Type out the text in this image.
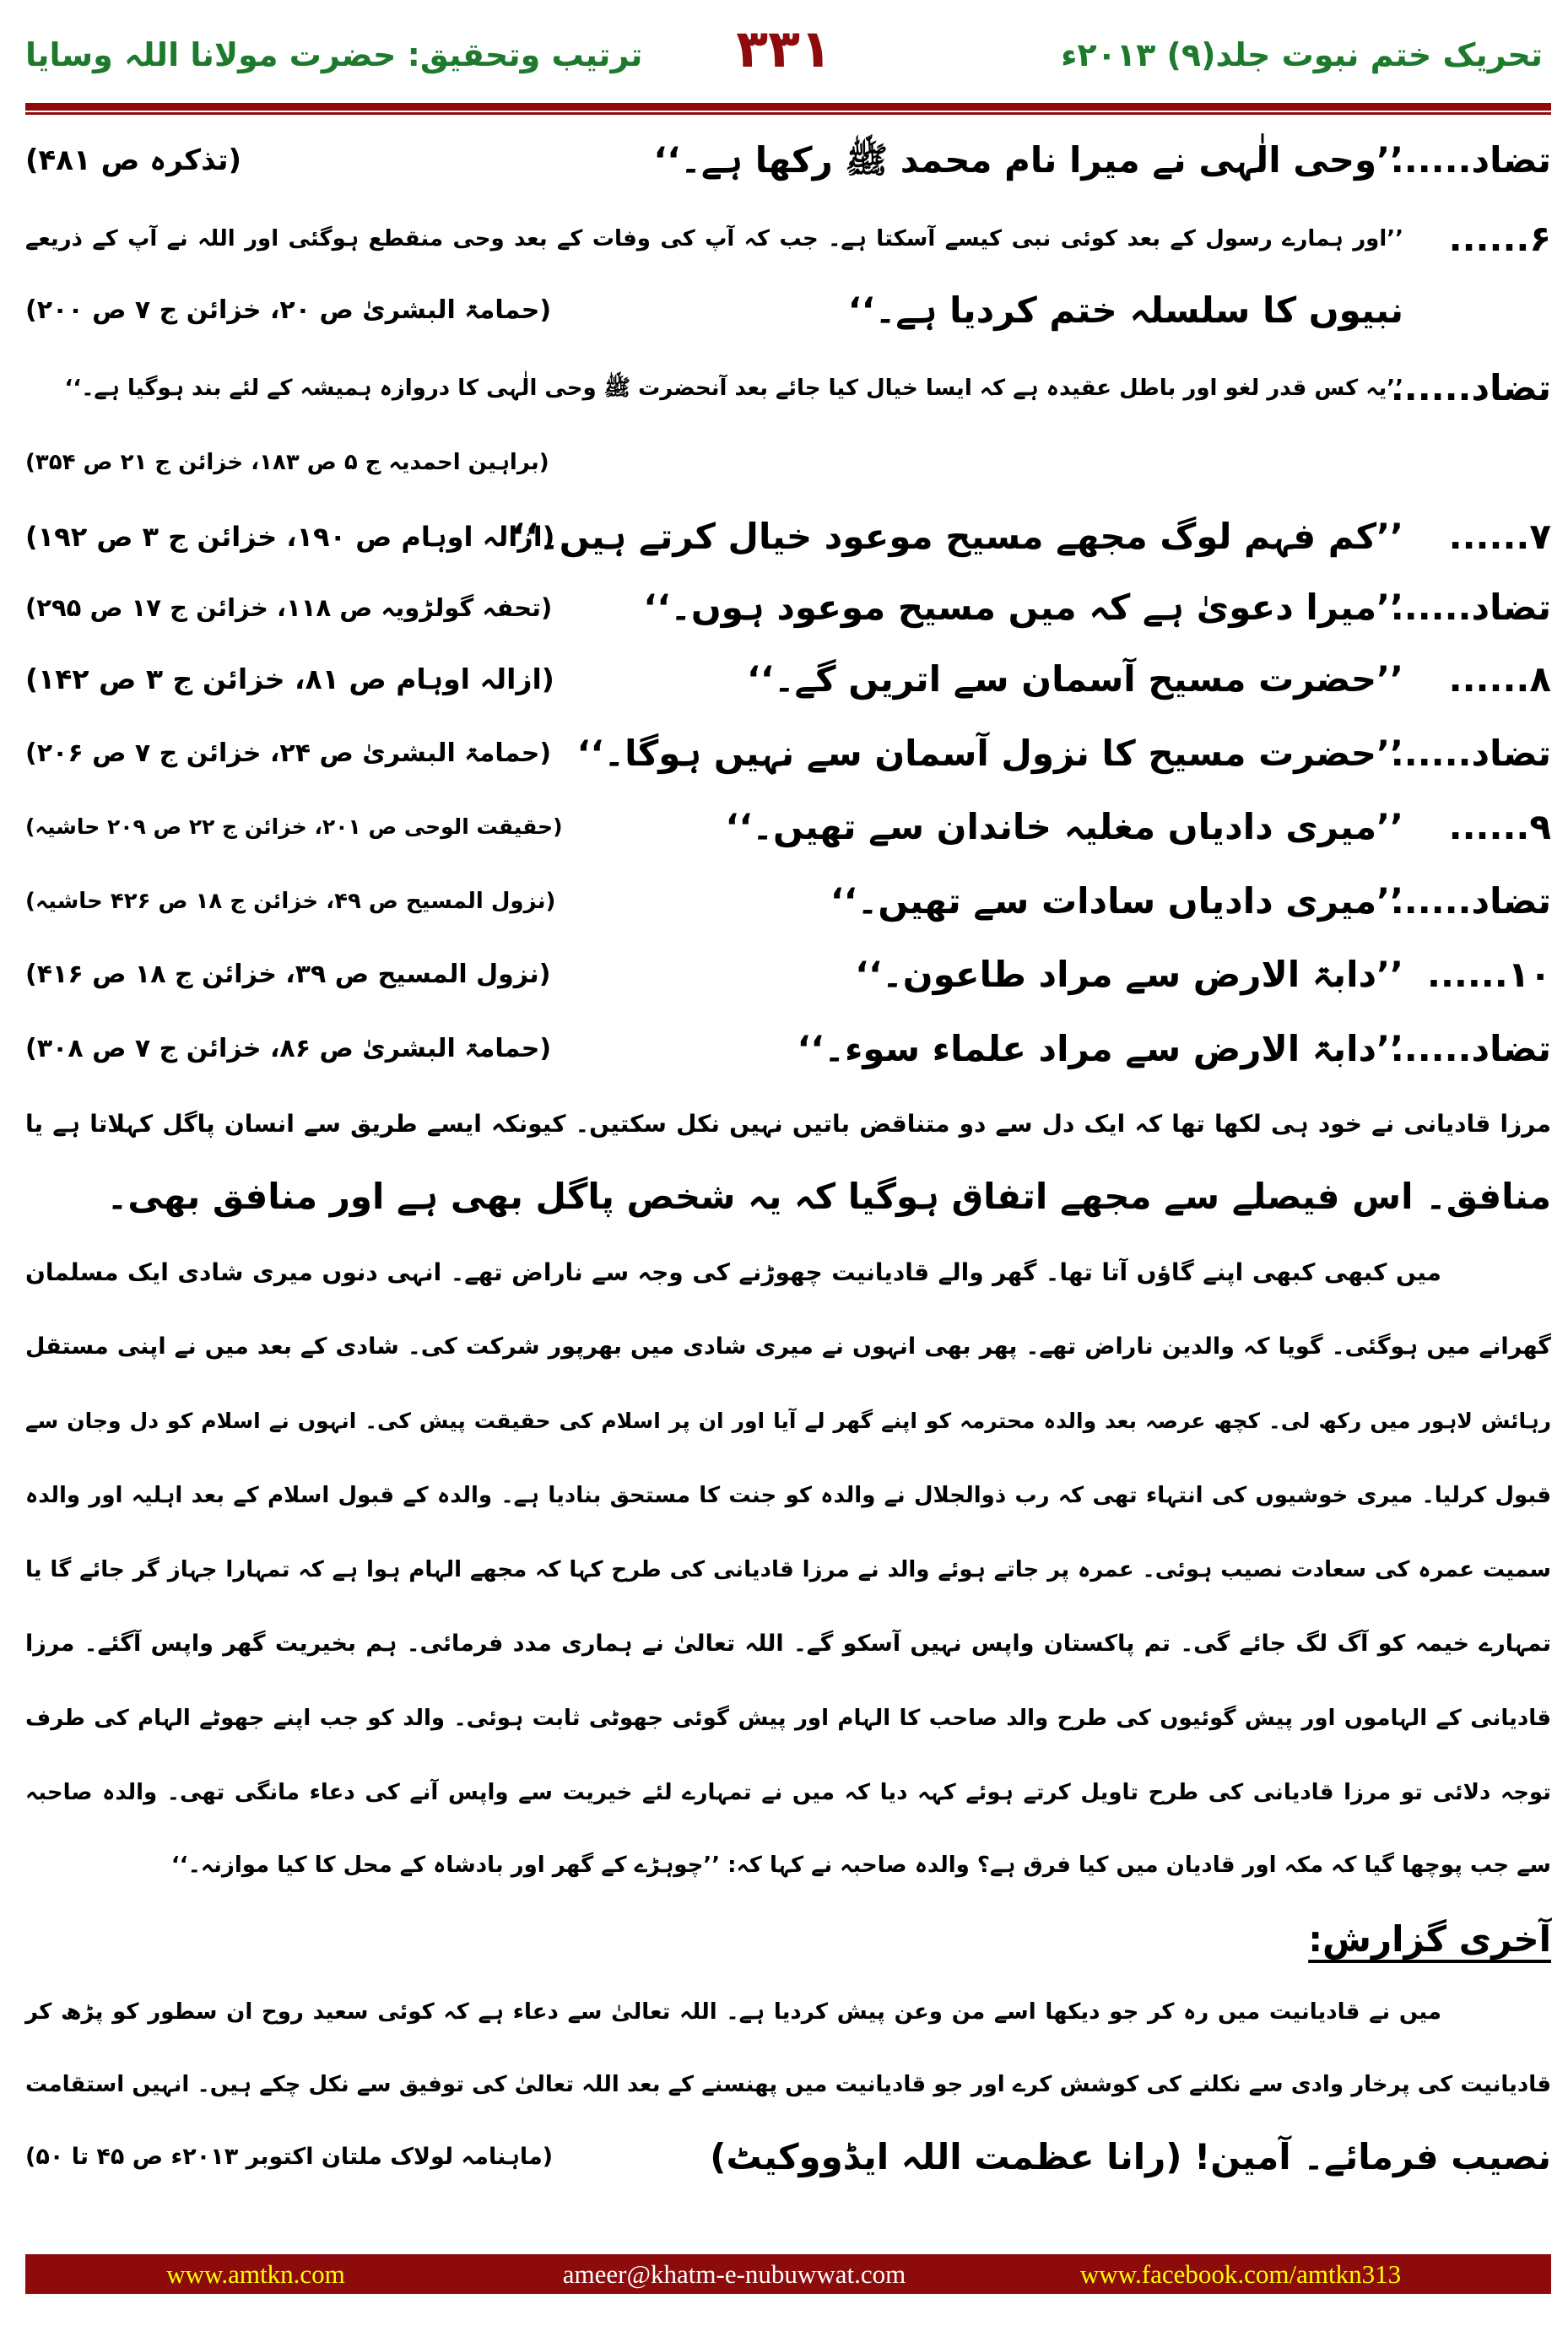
ترتیب وتحقیق: حضرت مولانا اللہ وسایا	۳۳۱	تحریک ختم نبوت جلد(۹) ۲۰۱۳ء
تضاد......
’’وحی الٰہی نے میرا نام محمد ﷺ رکھا ہے۔‘‘
(تذکرہ ص ۴۸۱)
۶......
’’اور ہمارے رسول کے بعد کوئی نبی کیسے آسکتا ہے۔ جب کہ آپ کی وفات کے بعد وحی منقطع ہوگئی اور اللہ نے آپ کے ذریعے
نبیوں کا سلسلہ ختم کردیا ہے۔‘‘
(حمامۃ البشریٰ ص ۲۰، خزائن ج ۷ ص ۲۰۰)
تضاد......
’’یہ کس قدر لغو اور باطل عقیدہ ہے کہ ایسا خیال کیا جائے بعد آنحضرت ﷺ وحی الٰہی کا دروازہ ہمیشہ کے لئے بند ہوگیا ہے۔‘‘
(براہین احمدیہ ج ۵ ص ۱۸۳، خزائن ج ۲۱ ص ۳۵۴)
۷......
’’کم فہم لوگ مجھے مسیح موعود خیال کرتے ہیں۔‘‘
(ازالہ اوہام ص ۱۹۰، خزائن ج ۳ ص ۱۹۲)
تضاد......
’’میرا دعویٰ ہے کہ میں مسیح موعود ہوں۔‘‘
(تحفہ گولڑویہ ص ۱۱۸، خزائن ج ۱۷ ص ۲۹۵)
۸......
’’حضرت مسیح آسمان سے اتریں گے۔‘‘
(ازالہ اوہام ص ۸۱، خزائن ج ۳ ص ۱۴۲)
تضاد......
’’حضرت مسیح کا نزول آسمان سے نہیں ہوگا۔‘‘
(حمامۃ البشریٰ ص ۲۴، خزائن ج ۷ ص ۲۰۶)
۹......
’’میری دادیاں مغلیہ خاندان سے تھیں۔‘‘
(حقیقت الوحی ص ۲۰۱، خزائن ج ۲۲ ص ۲۰۹ حاشیہ)
تضاد......
’’میری دادیاں سادات سے تھیں۔‘‘
(نزول المسیح ص ۴۹، خزائن ج ۱۸ ص ۴۲۶ حاشیہ)
۱۰......
’’دابۃ الارض سے مراد طاعون۔‘‘
(نزول المسیح ص ۳۹، خزائن ج ۱۸ ص ۴۱۶)
تضاد......
’’دابۃ الارض سے مراد علماء سوء۔‘‘
(حمامۃ البشریٰ ص ۸۶، خزائن ج ۷ ص ۳۰۸)
مرزا قادیانی نے خود ہی لکھا تھا کہ ایک دل سے دو متناقض باتیں نہیں نکل سکتیں۔ کیونکہ ایسے طریق سے انسان پاگل کہلاتا ہے یا
منافق۔ اس فیصلے سے مجھے اتفاق ہوگیا کہ یہ شخص پاگل بھی ہے اور منافق بھی۔
میں کبھی کبھی اپنے گاؤں آتا تھا۔ گھر والے قادیانیت چھوڑنے کی وجہ سے ناراض تھے۔ انہی دنوں میری شادی ایک مسلمان
گھرانے میں ہوگئی۔ گویا کہ والدین ناراض تھے۔ پھر بھی انہوں نے میری شادی میں بھرپور شرکت کی۔ شادی کے بعد میں نے اپنی مستقل
رہائش لاہور میں رکھ لی۔ کچھ عرصہ بعد والدہ محترمہ کو اپنے گھر لے آیا اور ان پر اسلام کی حقیقت پیش کی۔ انہوں نے اسلام کو دل وجان سے
قبول کرلیا۔ میری خوشیوں کی انتہاء تھی کہ رب ذوالجلال نے والدہ کو جنت کا مستحق بنادیا ہے۔ والدہ کے قبول اسلام کے بعد اہلیہ اور والدہ
سمیت عمرہ کی سعادت نصیب ہوئی۔ عمرہ پر جاتے ہوئے والد نے مرزا قادیانی کی طرح کہا کہ مجھے الہام ہوا ہے کہ تمہارا جہاز گر جائے گا یا
تمہارے خیمہ کو آگ لگ جائے گی۔ تم پاکستان واپس نہیں آسکو گے۔ اللہ تعالیٰ نے ہماری مدد فرمائی۔ ہم بخیریت گھر واپس آگئے۔ مرزا
قادیانی کے الہاموں اور پیش گوئیوں کی طرح والد صاحب کا الہام اور پیش گوئی جھوٹی ثابت ہوئی۔ والد کو جب اپنے جھوٹے الہام کی طرف
توجہ دلائی تو مرزا قادیانی کی طرح تاویل کرتے ہوئے کہہ دیا کہ میں نے تمہارے لئے خیریت سے واپس آنے کی دعاء مانگی تھی۔ والدہ صاحبہ
سے جب پوچھا گیا کہ مکہ اور قادیان میں کیا فرق ہے؟ والدہ صاحبہ نے کہا کہ: ’’چوہڑے کے گھر اور بادشاہ کے محل کا کیا موازنہ۔‘‘
آخری گزارش:
میں نے قادیانیت میں رہ کر جو دیکھا اسے من وعن پیش کردیا ہے۔ اللہ تعالیٰ سے دعاء ہے کہ کوئی سعید روح ان سطور کو پڑھ کر
قادیانیت کی پرخار وادی سے نکلنے کی کوشش کرے اور جو قادیانیت میں پھنسنے کے بعد اللہ تعالیٰ کی توفیق سے نکل چکے ہیں۔ انہیں استقامت
نصیب فرمائے۔ آمین! (رانا عظمت اللہ ایڈووکیٹ)
(ماہنامہ لولاک ملتان اکتوبر ۲۰۱۳ء ص ۴۵ تا ۵۰)
www.amtkn.com	ameer@khatm-e-nubuwwat.com	www.facebook.com/amtkn313
